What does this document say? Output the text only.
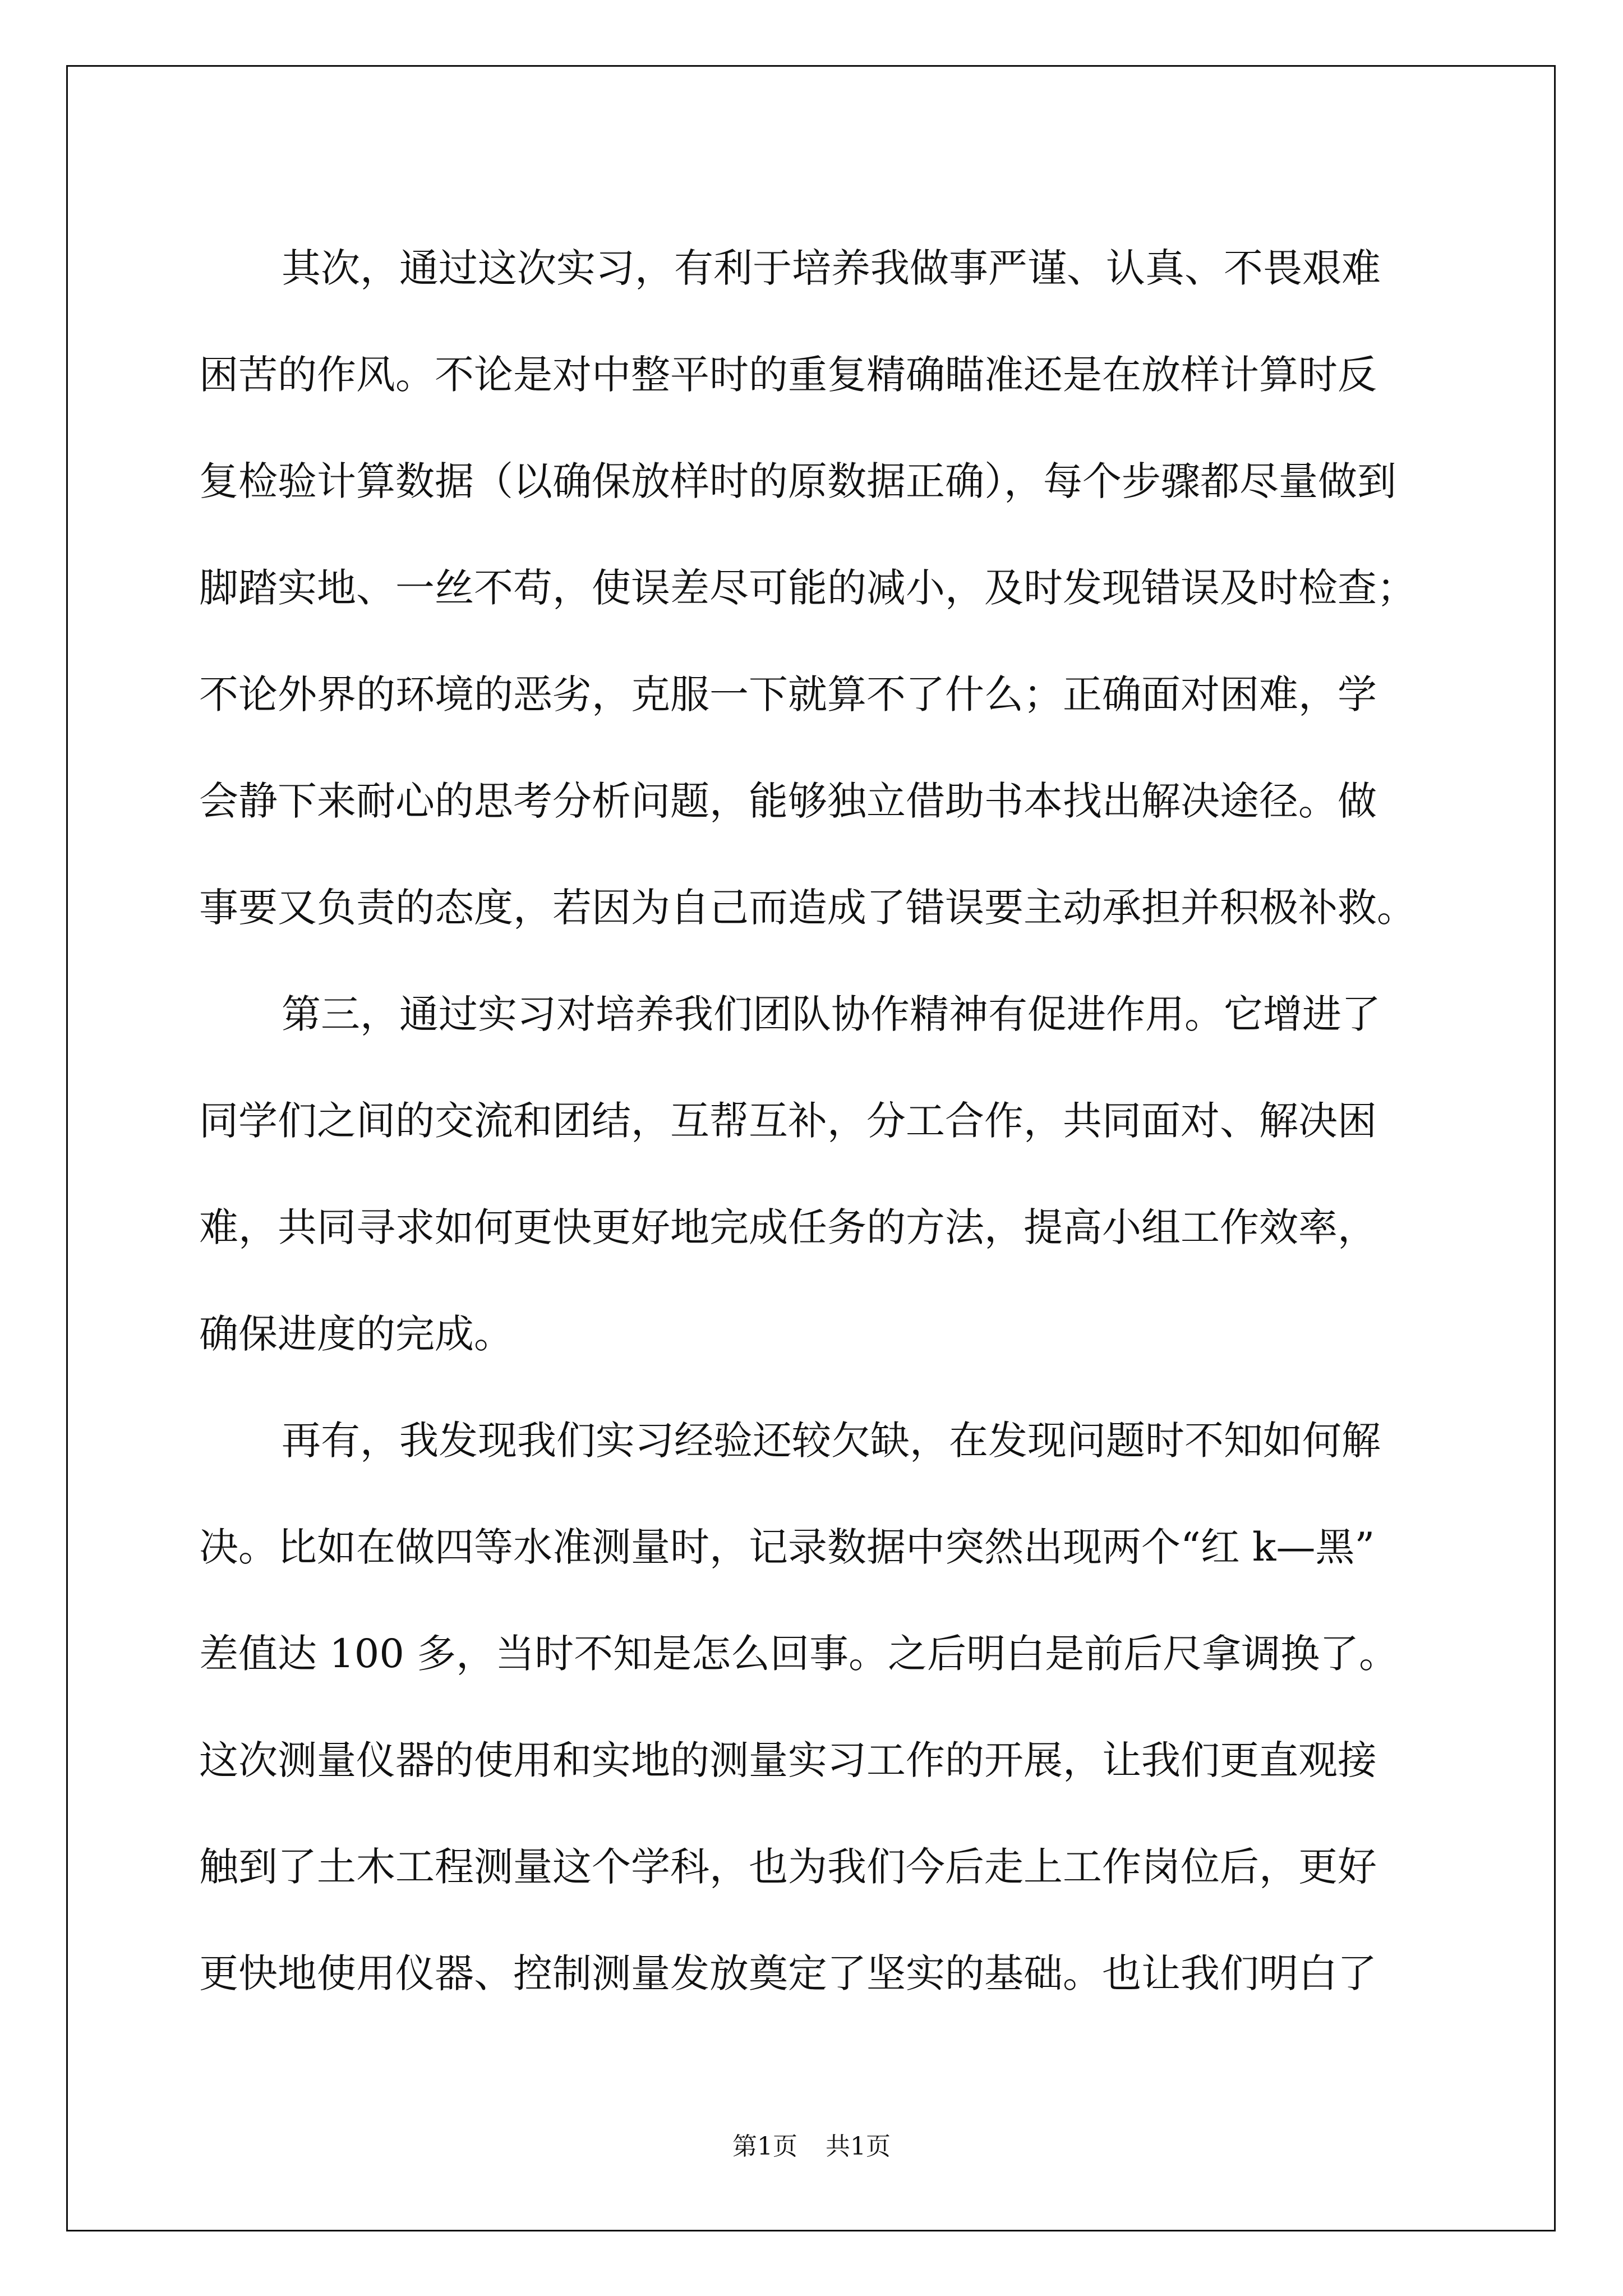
其次，通过这次实习，有利于培养我做事严谨、认真、不畏艰难
困苦的作风。不论是对中整平时的重复精确瞄准还是在放样计算时反
复检验计算数据（以确保放样时的原数据正确），每个步骤都尽量做到
脚踏实地、一丝不苟，使误差尽可能的减小，及时发现错误及时检查；
不论外界的环境的恶劣，克服一下就算不了什么；正确面对困难，学
会静下来耐心的思考分析问题，能够独立借助书本找出解决途径。做
事要又负责的态度，若因为自己而造成了错误要主动承担并积极补救。
第三，通过实习对培养我们团队协作精神有促进作用。它增进了
同学们之间的交流和团结，互帮互补，分工合作，共同面对、解决困
难，共同寻求如何更快更好地完成任务的方法，提高小组工作效率，
确保进度的完成。
再有，我发现我们实习经验还较欠缺，在发现问题时不知如何解
决。比如在做四等水准测量时，记录数据中突然出现两个“红 k—黑”
差值达 100 多，当时不知是怎么回事。之后明白是前后尺拿调换了。
这次测量仪器的使用和实地的测量实习工作的开展，让我们更直观接
触到了土木工程测量这个学科，也为我们今后走上工作岗位后，更好
更快地使用仪器、控制测量发放奠定了坚实的基础。也让我们明白了
第1页 共1页
